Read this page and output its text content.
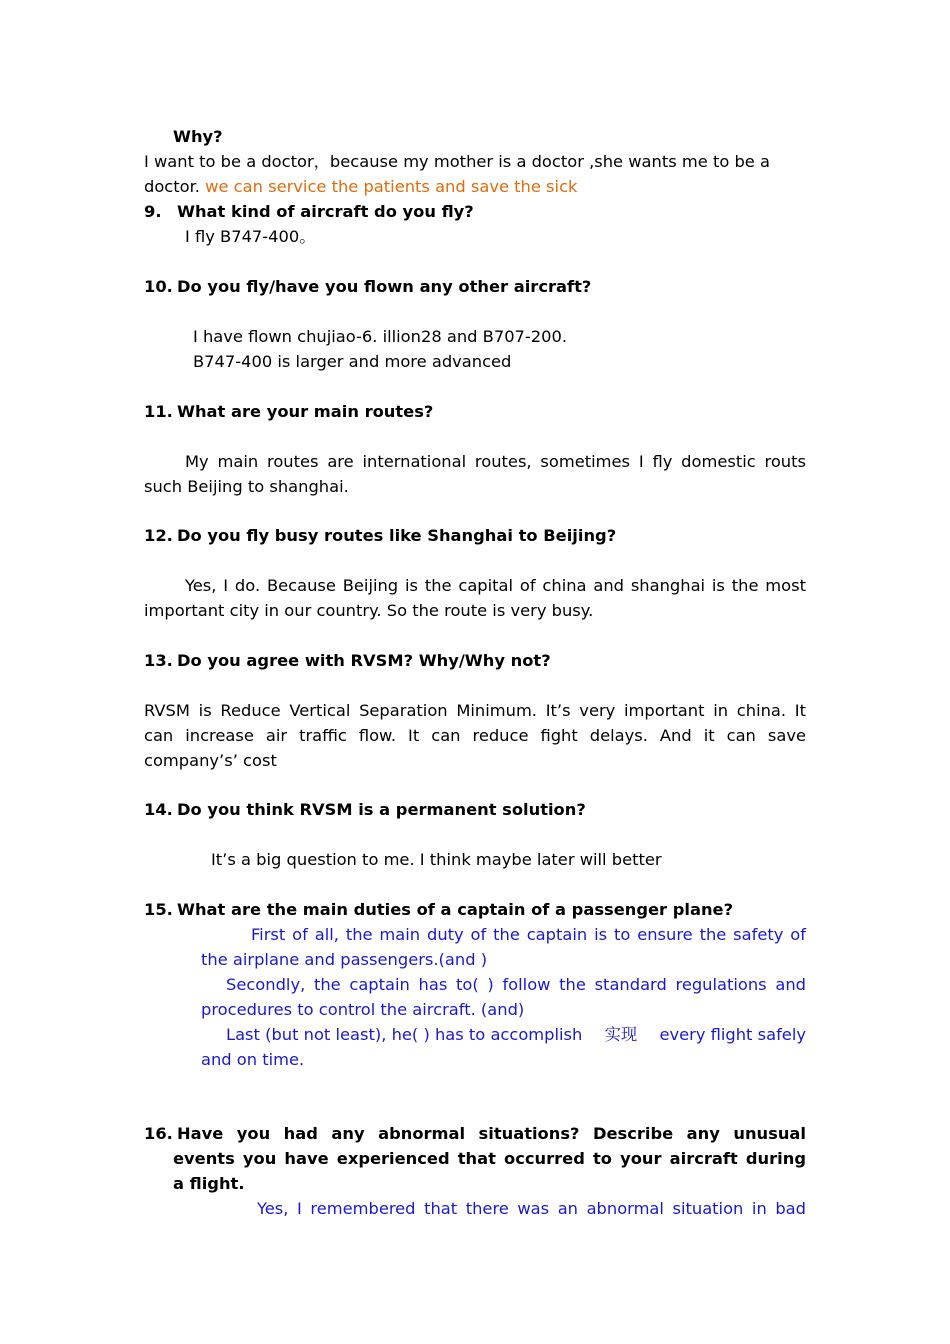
Why?
I want to be a doctor，because my mother is a doctor ,she wants me to be a
doctor. we can service the patients and save the sick
9. What kind of aircraft do you fly?
I fly B747-400。
10. Do you fly/have you flown any other aircraft?
I have flown chujiao-6. illion28 and B707-200.
B747-400 is larger and more advanced
11. What are your main routes?
My main routes are international routes, sometimes I fly domestic routs
such Beijing to shanghai.
12. Do you fly busy routes like Shanghai to Beijing?
Yes, I do. Because Beijing is the capital of china and shanghai is the most
important city in our country. So the route is very busy.
13. Do you agree with RVSM? Why/Why not?
RVSM is Reduce Vertical Separation Minimum. It’s very important in china. It
can increase air traffic flow. It can reduce fight delays. And it can save
company’s’ cost
14. Do you think RVSM is a permanent solution?
It’s a big question to me. I think maybe later will better
15. What are the main duties of a captain of a passenger plane?
First of all, the main duty of the captain is to ensure the safety of
the airplane and passengers.(and )
Secondly, the captain has to( ) follow the standard regulations and
procedures to control the aircraft. (and)
Last (but not least), he( ) has to accomplish 实现 every flight safely
and on time.
16. Have you had any abnormal situations? Describe any unusual
events you have experienced that occurred to your aircraft during
a flight.
Yes, I remembered that there was an abnormal situation in bad
